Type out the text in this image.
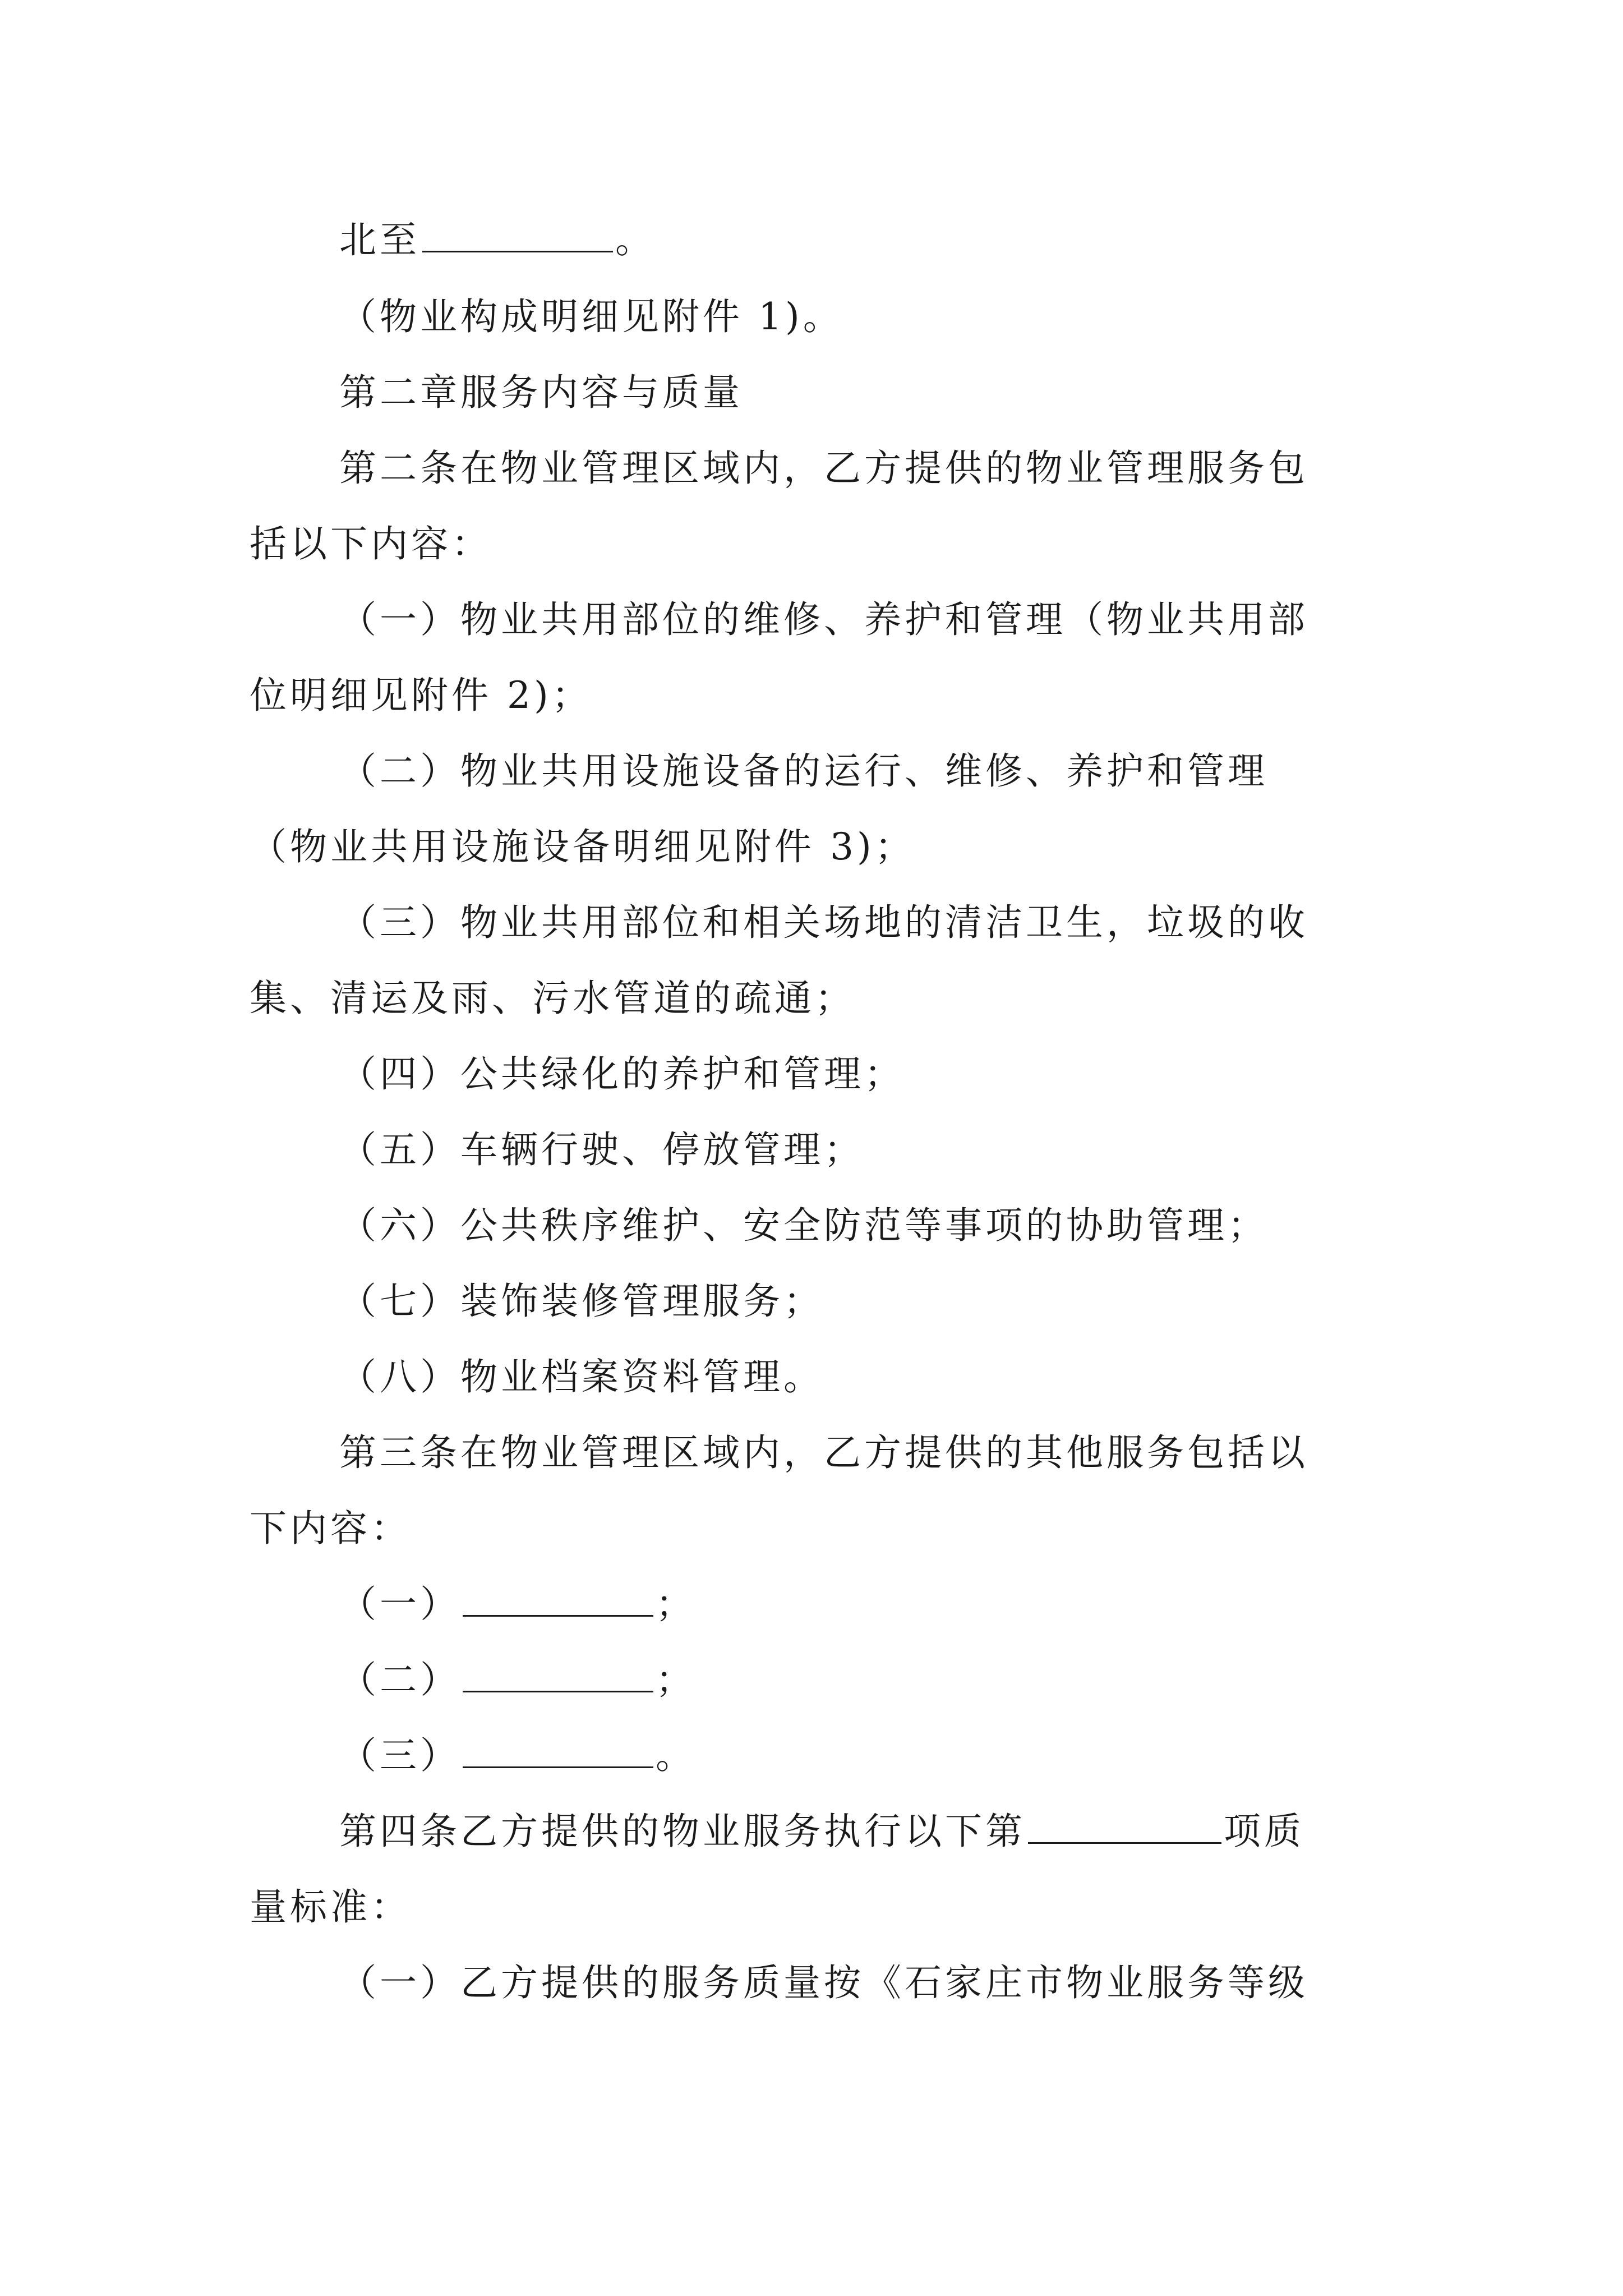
北至	。
（物业构成明细见附件 1)。
第二章服务内容与质量
第二条在物业管理区域内，乙方提供的物业管理服务包
括以下内容：
（一）物业共用部位的维修、养护和管理（物业共用部
位明细见附件 2)；
（二）物业共用设施设备的运行、维修、养护和管理
（物业共用设施设备明细见附件 3)；
（三）物业共用部位和相关场地的清洁卫生，垃圾的收
集、清运及雨、污水管道的疏通；
（四）公共绿化的养护和管理；
（五）车辆行驶、停放管理；
（六）公共秩序维护、安全防范等事项的协助管理；
（七）装饰装修管理服务；
（八）物业档案资料管理。
第三条在物业管理区域内，乙方提供的其他服务包括以
下内容：
（一）	；
（二）	；
（三）	。
第四条乙方提供的物业服务执行以下第	项质
量标准：
（一）乙方提供的服务质量按《石家庄市物业服务等级
